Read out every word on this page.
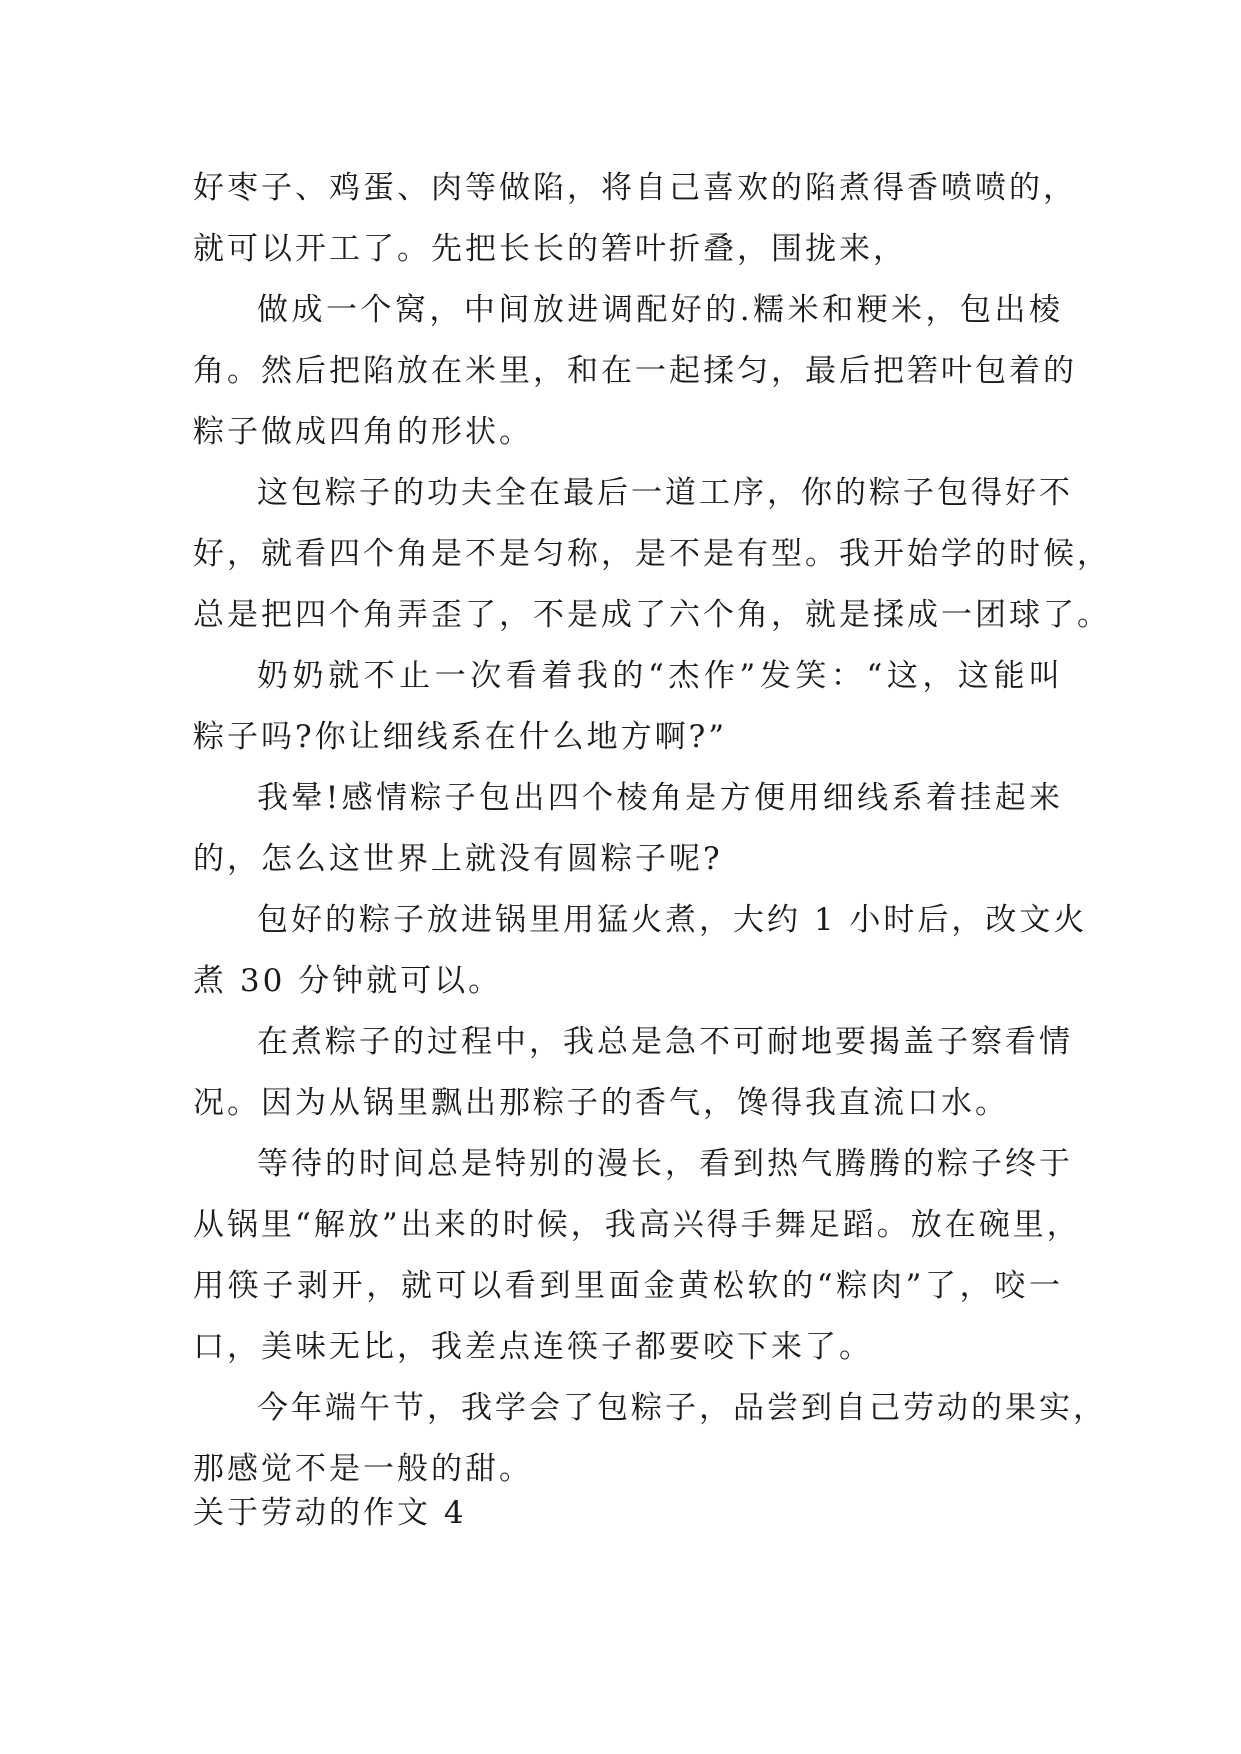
好枣子、鸡蛋、肉等做陷，将自己喜欢的陷煮得香喷喷的，
就可以开工了。先把长长的箬叶折叠，围拢来，
做成一个窝，中间放进调配好的.糯米和粳米，包出棱
角。然后把陷放在米里，和在一起揉匀，最后把箬叶包着的
粽子做成四角的形状。
这包粽子的功夫全在最后一道工序，你的粽子包得好不
好，就看四个角是不是匀称，是不是有型。我开始学的时候，
总是把四个角弄歪了，不是成了六个角，就是揉成一团球了。
奶奶就不止一次看着我的“杰作”发笑：“这，这能叫
粽子吗?你让细线系在什么地方啊?”
我晕!感情粽子包出四个棱角是方便用细线系着挂起来
的，怎么这世界上就没有圆粽子呢?
包好的粽子放进锅里用猛火煮，大约 1 小时后，改文火
煮 30 分钟就可以。
在煮粽子的过程中，我总是急不可耐地要揭盖子察看情
况。因为从锅里飘出那粽子的香气，馋得我直流口水。
等待的时间总是特别的漫长，看到热气腾腾的粽子终于
从锅里“解放”出来的时候，我高兴得手舞足蹈。放在碗里，
用筷子剥开，就可以看到里面金黄松软的“粽肉”了，咬一
口，美味无比，我差点连筷子都要咬下来了。
今年端午节，我学会了包粽子，品尝到自己劳动的果实，
那感觉不是一般的甜。
关于劳动的作文 4
